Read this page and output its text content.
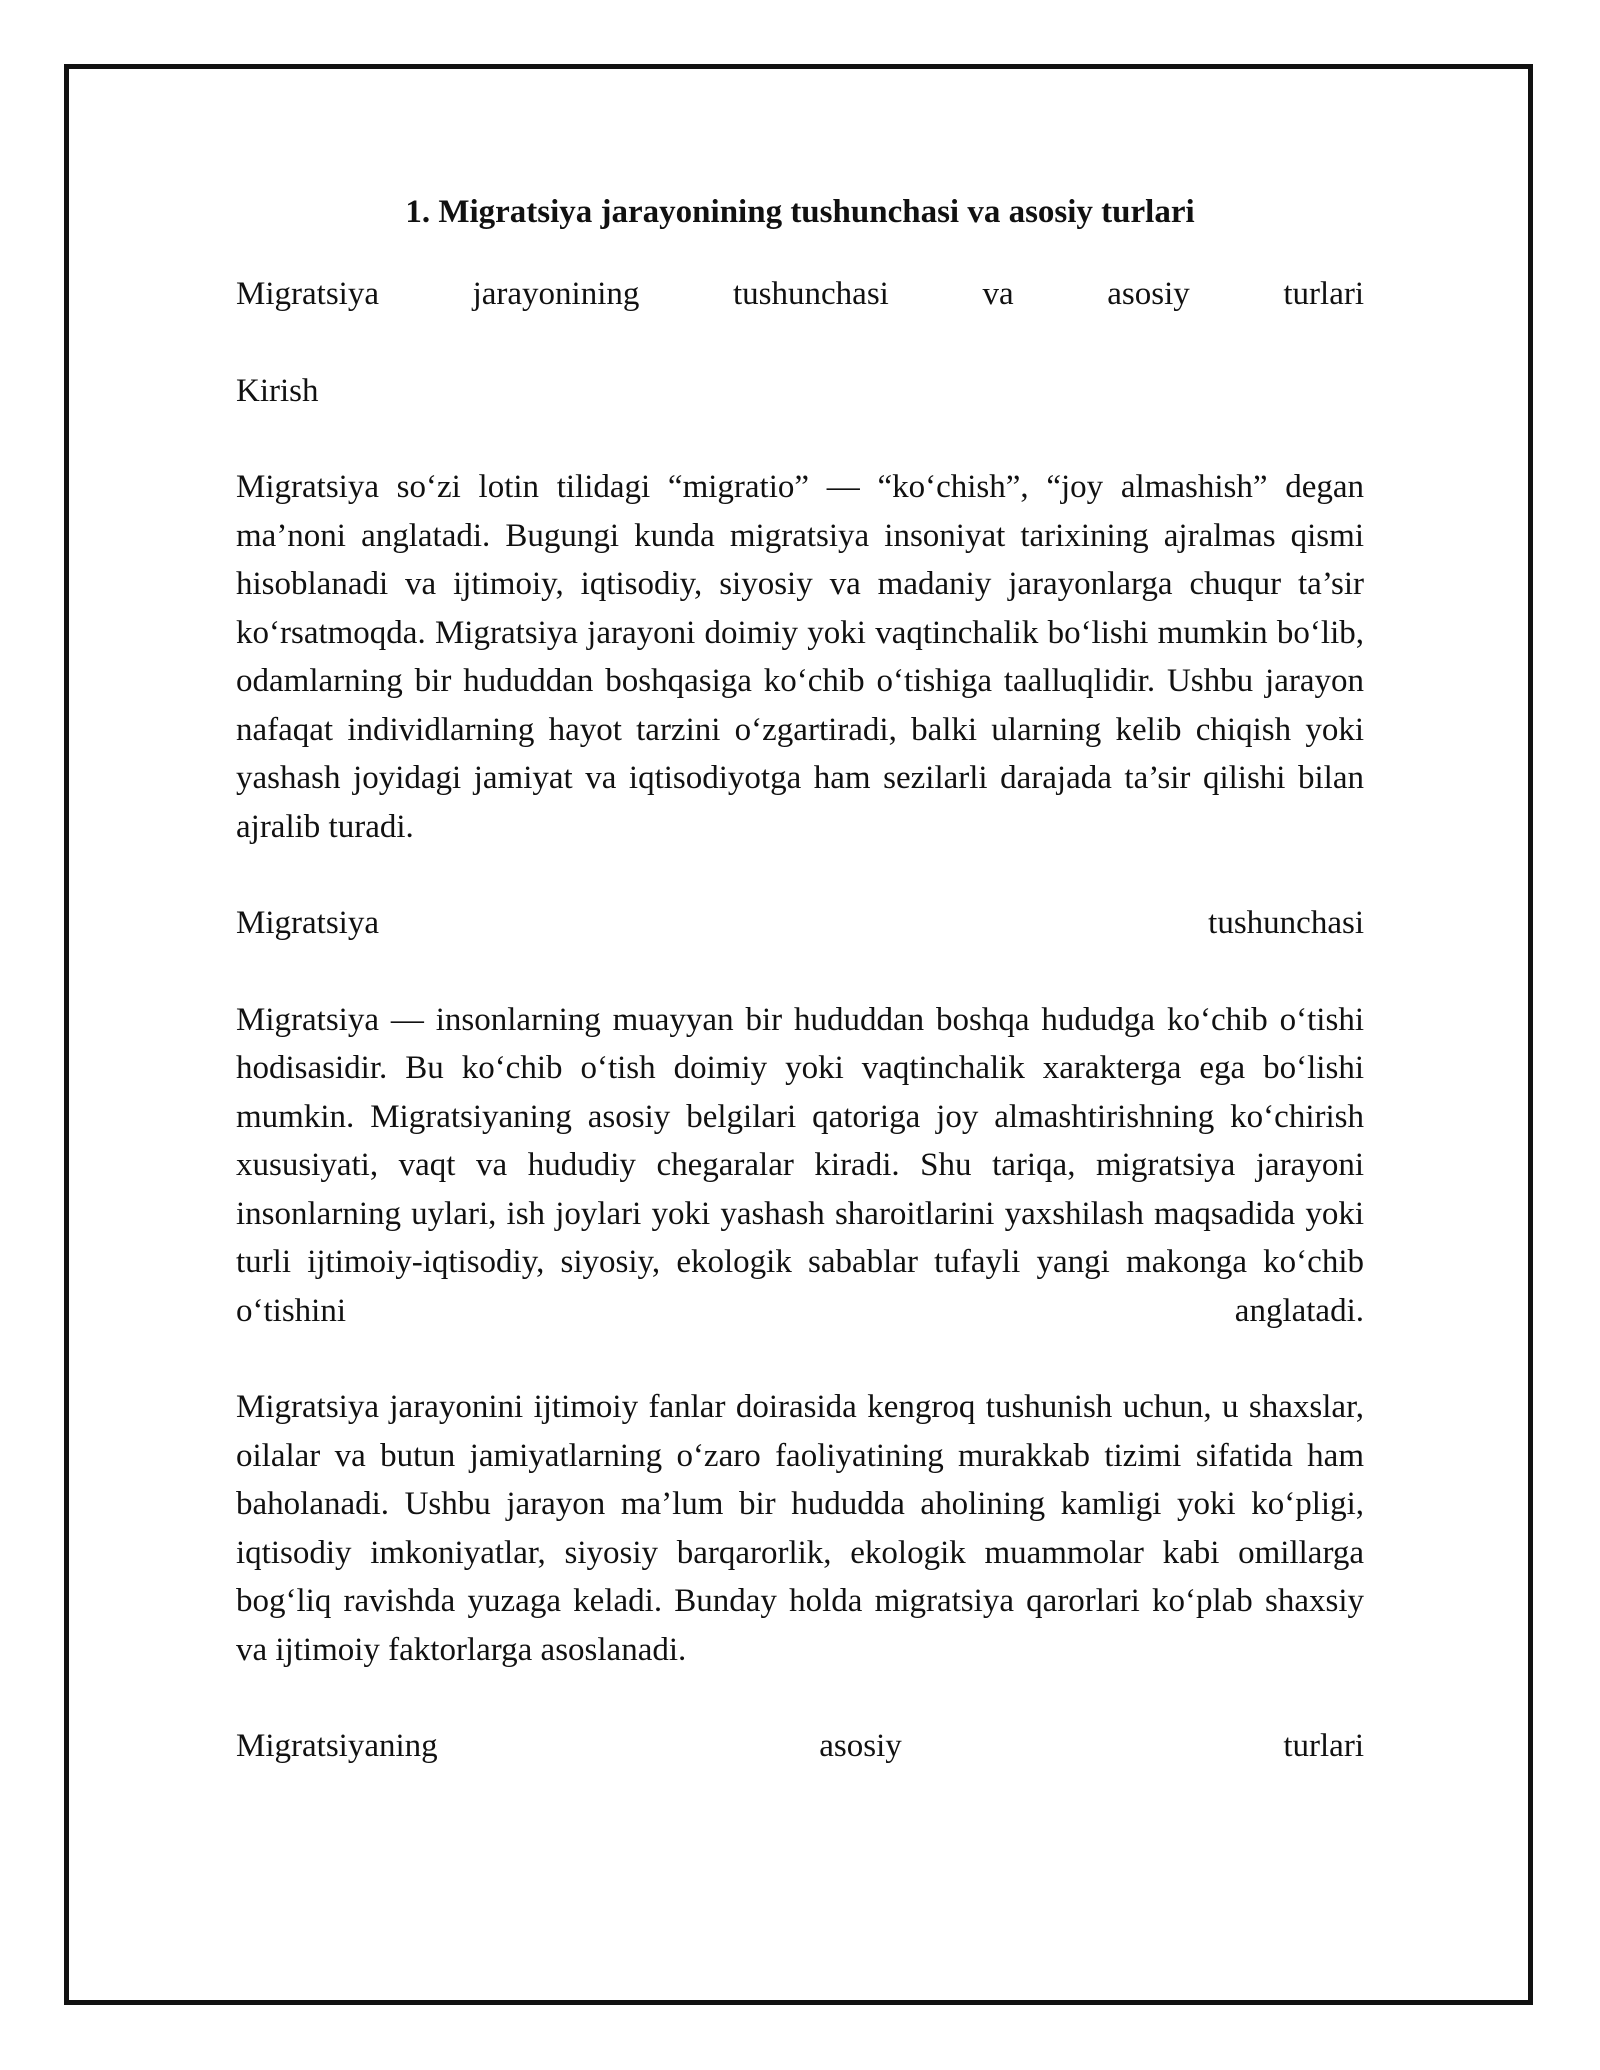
1. Migratsiya jarayonining tushunchasi va asosiy turlari

Migratsiya jarayonining tushunchasi va asosiy turlari

Kirish

Migratsiya so‘zi lotin tilidagi “migratio” — “ko‘chish”, “joy almashish” degan ma’noni anglatadi. Bugungi kunda migratsiya insoniyat tarixining ajralmas qismi hisoblanadi va ijtimoiy, iqtisodiy, siyosiy va madaniy jarayonlarga chuqur ta’sir ko‘rsatmoqda. Migratsiya jarayoni doimiy yoki vaqtinchalik bo‘lishi mumkin bo‘lib, odamlarning bir hududdan boshqasiga ko‘chib o‘tishiga taalluqlidir. Ushbu jarayon nafaqat individlarning hayot tarzini o‘zgartiradi, balki ularning kelib chiqish yoki yashash joyidagi jamiyat va iqtisodiyotga ham sezilarli darajada ta’sir qilishi bilan ajralib turadi.

Migratsiya tushunchasi

Migratsiya — insonlarning muayyan bir hududdan boshqa hududga ko‘chib o‘tishi hodisasidir. Bu ko‘chib o‘tish doimiy yoki vaqtinchalik xarakterga ega bo‘lishi mumkin. Migratsiyaning asosiy belgilari qatoriga joy almashtirishning ko‘chirish xususiyati, vaqt va hududiy chegaralar kiradi. Shu tariqa, migratsiya jarayoni insonlarning uylari, ish joylari yoki yashash sharoitlarini yaxshilash maqsadida yoki turli ijtimoiy-iqtisodiy, siyosiy, ekologik sabablar tufayli yangi makonga ko‘chib o‘tishini anglatadi.

Migratsiya jarayonini ijtimoiy fanlar doirasida kengroq tushunish uchun, u shaxslar, oilalar va butun jamiyatlarning o‘zaro faoliyatining murakkab tizimi sifatida ham baholanadi. Ushbu jarayon ma’lum bir hududda aholining kamligi yoki ko‘pligi, iqtisodiy imkoniyatlar, siyosiy barqarorlik, ekologik muammolar kabi omillarga bog‘liq ravishda yuzaga keladi. Bunday holda migratsiya qarorlari ko‘plab shaxsiy va ijtimoiy faktorlarga asoslanadi.

Migratsiyaning asosiy turlari
